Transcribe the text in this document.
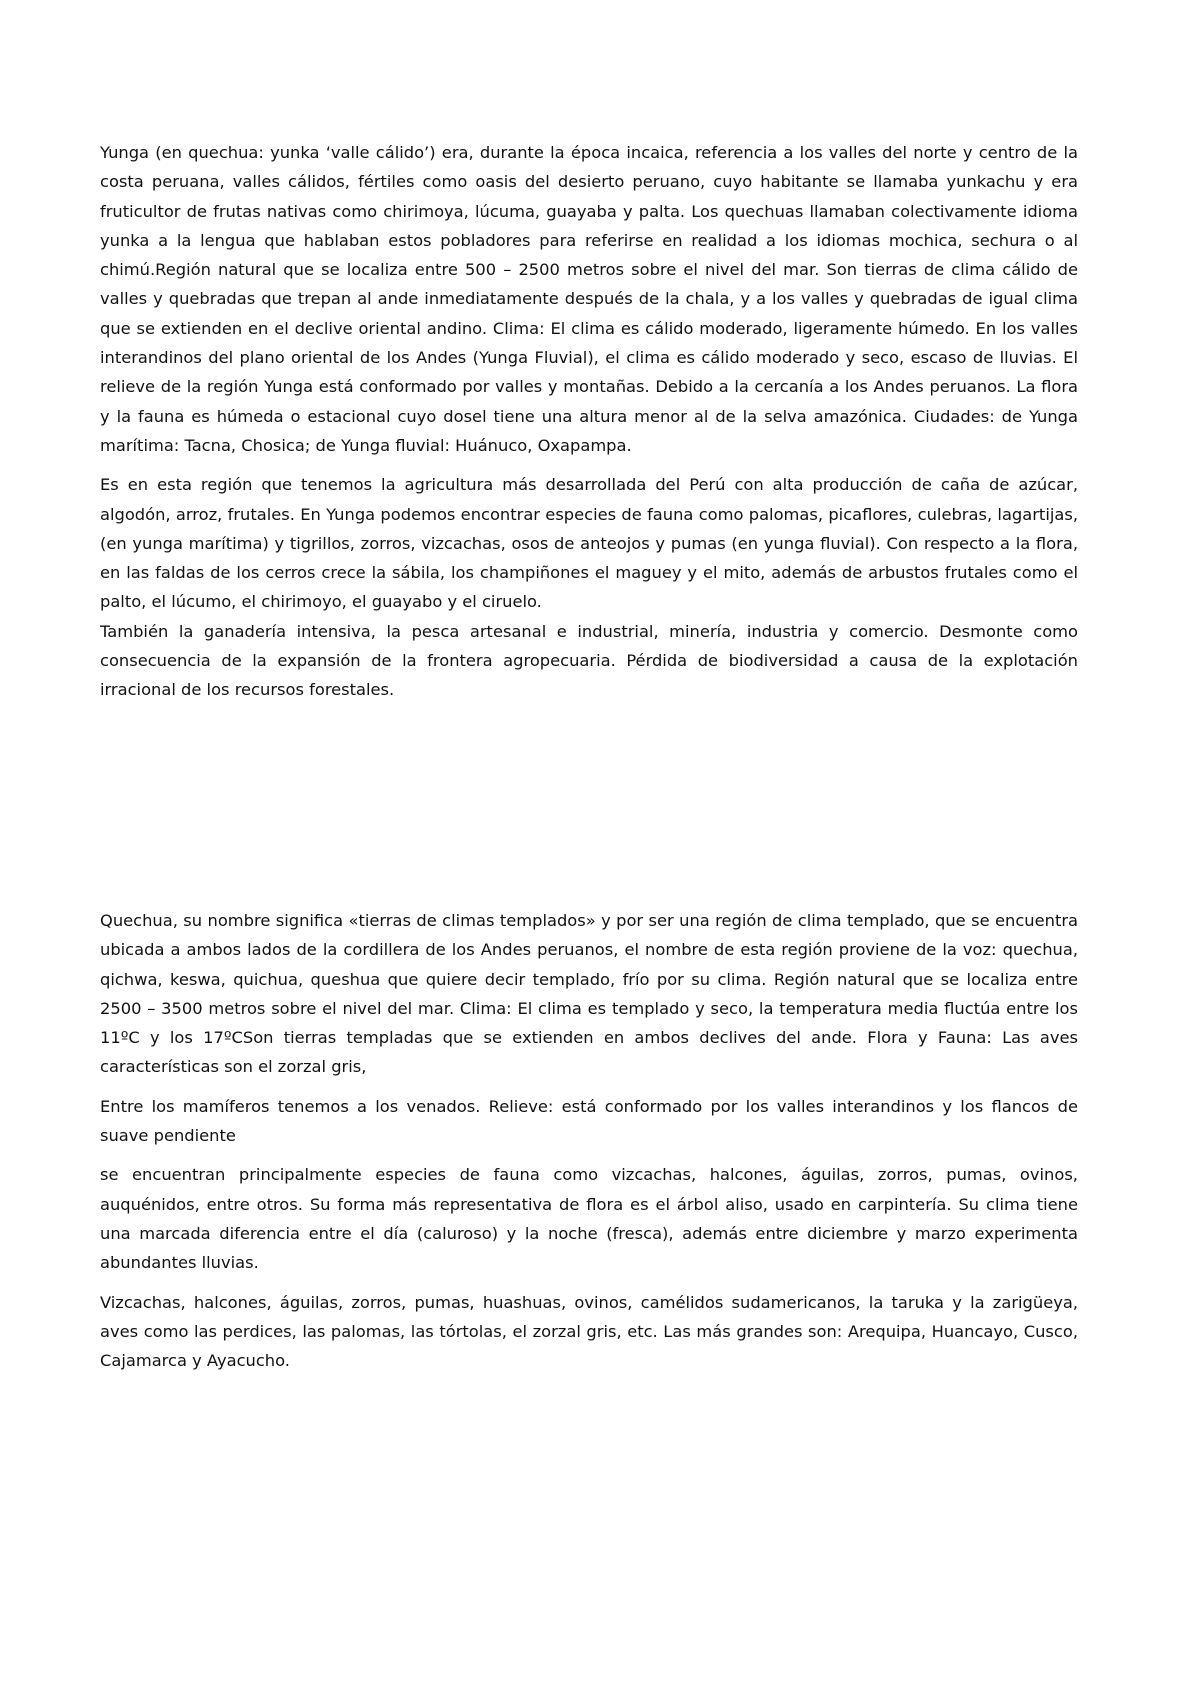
Yunga (en quechua: yunka ‘valle cálido’) era, durante la época incaica, referencia a los valles del norte y centro de la costa peruana, valles cálidos, fértiles como oasis del desierto peruano, cuyo habitante se llamaba yunkachu y era fruticultor de frutas nativas como chirimoya, lúcuma, guayaba y palta. Los quechuas llamaban colectivamente idioma yunka a la lengua que hablaban estos pobladores para referirse en realidad a los idiomas mochica, sechura o al chimú.Región natural que se localiza entre 500 – 2500 metros sobre el nivel del mar. Son tierras de clima cálido de valles y quebradas que trepan al ande inmediatamente después de la chala, y a los valles y quebradas de igual clima que se extienden en el declive oriental andino. Clima: El clima es cálido moderado, ligeramente húmedo. En los valles interandinos del plano oriental de los Andes (Yunga Fluvial), el clima es cálido moderado y seco, escaso de lluvias. El relieve de la región Yunga está conformado por valles y montañas. Debido a la cercanía a los Andes peruanos. La flora y la fauna es húmeda o estacional cuyo dosel tiene una altura menor al de la selva amazónica. Ciudades: de Yunga marítima: Tacna, Chosica; de Yunga fluvial: Huánuco, Oxapampa.

Es en esta región que tenemos la agricultura más desarrollada del Perú con alta producción de caña de azúcar, algodón, arroz, frutales. En Yunga podemos encontrar especies de fauna como palomas, picaflores, culebras, lagartijas, (en yunga marítima) y tigrillos, zorros, vizcachas, osos de anteojos y pumas (en yunga fluvial). Con respecto a la flora, en las faldas de los cerros crece la sábila, los champiñones el maguey y el mito, además de arbustos frutales como el palto, el lúcumo, el chirimoyo, el guayabo y el ciruelo.

También la ganadería intensiva, la pesca artesanal e industrial, minería, industria y comercio. Desmonte como consecuencia de la expansión de la frontera agropecuaria. Pérdida de biodiversidad a causa de la explotación irracional de los recursos forestales.

Quechua, su nombre significa «tierras de climas templados» y por ser una región de clima templado, que se encuentra ubicada a ambos lados de la cordillera de los Andes peruanos, el nombre de esta región proviene de la voz: quechua, qichwa, keswa, quichua, queshua que quiere decir templado, frío por su clima. Región natural que se localiza entre 2500 – 3500 metros sobre el nivel del mar. Clima: El clima es templado y seco, la temperatura media fluctúa entre los 11ºC y los 17ºCSon tierras templadas que se extienden en ambos declives del ande. Flora y Fauna: Las aves características son el zorzal gris,

Entre los mamíferos tenemos a los venados. Relieve: está conformado por los valles interandinos y los flancos de suave pendiente

se encuentran principalmente especies de fauna como vizcachas, halcones, águilas, zorros, pumas, ovinos, auquénidos, entre otros. Su forma más representativa de flora es el árbol aliso, usado en carpintería. Su clima tiene una marcada diferencia entre el día (caluroso) y la noche (fresca), además entre diciembre y marzo experimenta abundantes lluvias.

Vizcachas, halcones, águilas, zorros, pumas, huashuas, ovinos, camélidos sudamericanos, la taruka y la zarigüeya, aves como las perdices, las palomas, las tórtolas, el zorzal gris, etc. Las más grandes son: Arequipa, Huancayo, Cusco, Cajamarca y Ayacucho.
